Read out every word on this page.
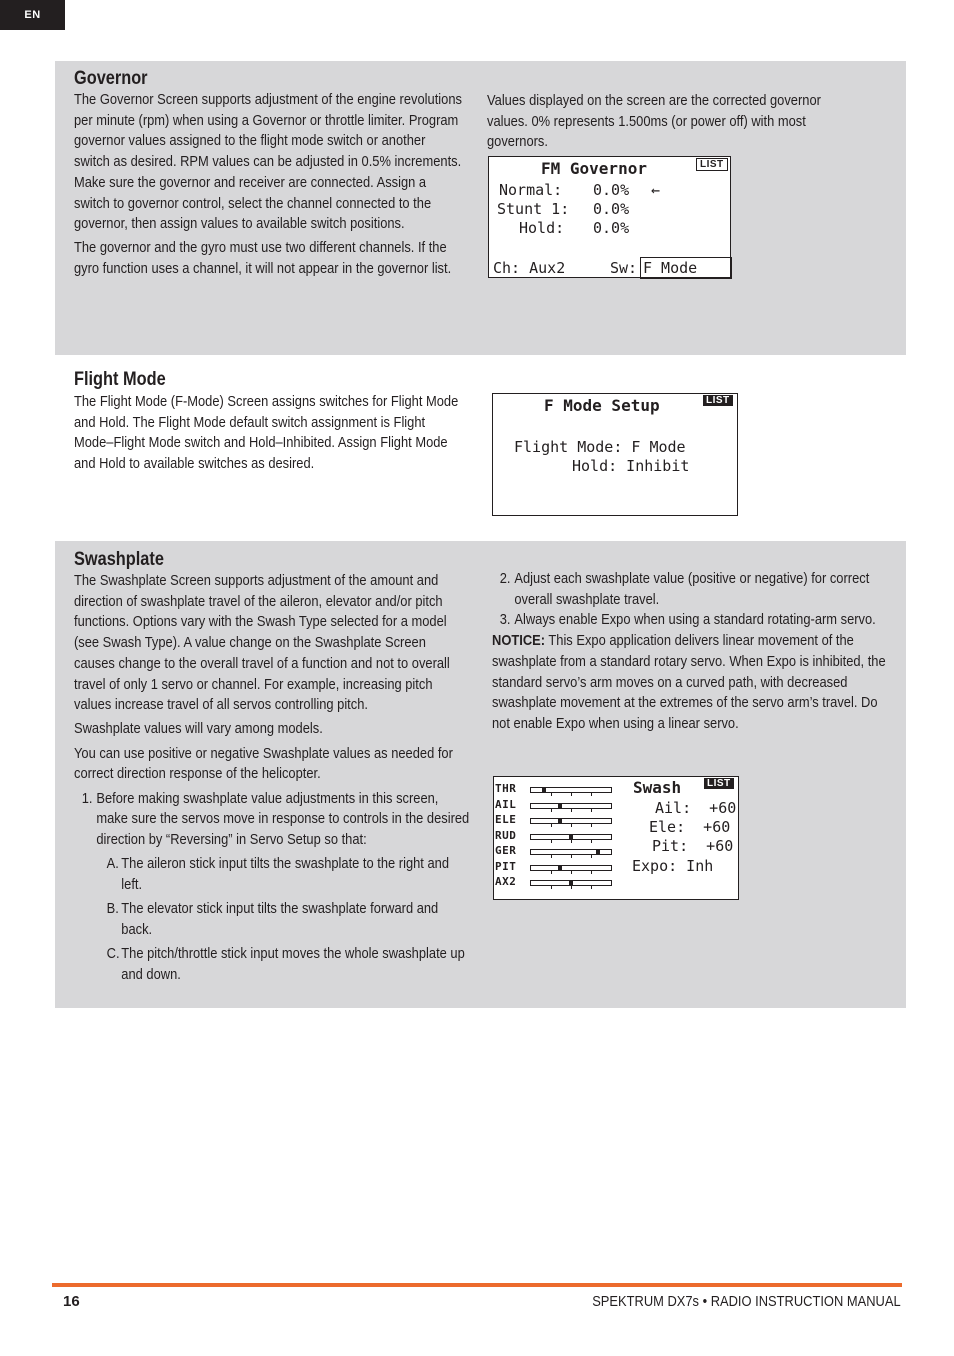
EN
Governor

The Governor Screen supports adjustment of the engine revolutions per minute (rpm) when using a Governor or throttle limiter. Program governor values assigned to the flight mode switch or another switch as desired. RPM values can be adjusted in 0.5% increments. Make sure the governor and receiver are connected. Assign a switch to governor control, select the channel connected to the governor, then assign values to available switch positions.

The governor and the gyro must use two different channels. If the gyro function uses a channel, it will not appear in the governor list.

Values displayed on the screen are the corrected governor values. 0% represents 1.500ms (or power off) with most governors.

FM Governor	LIST
Normal: 0.0% ←
Stunt 1: 0.0%
Hold: 0.0%
Ch: Aux2	Sw: F Mode
Flight Mode

The Flight Mode (F-Mode) Screen assigns switches for Flight Mode and Hold. The Flight Mode default switch assignment is Flight Mode–Flight Mode switch and Hold–Inhibited. Assign Flight Mode and Hold to available switches as desired.

F Mode Setup	LIST
Flight Mode: F Mode
Hold: Inhibit
Swashplate

The Swashplate Screen supports adjustment of the amount and direction of swashplate travel of the aileron, elevator and/or pitch functions. Options vary with the Swash Type selected for a model (see Swash Type). A value change on the Swashplate Screen causes change to the overall travel of a function and not to overall travel of only 1 servo or channel. For example, increasing pitch values increase travel of all servos controlling pitch.

Swashplate values will vary among models.

You can use positive or negative Swashplate values as needed for correct direction response of the helicopter.

1. Before making swashplate value adjustments in this screen, make sure the servos move in response to controls in the desired direction by “Reversing” in Servo Setup so that:
A. The aileron stick input tilts the swashplate to the right and left.
B. The elevator stick input tilts the swashplate forward and back.
C. The pitch/throttle stick input moves the whole swashplate up and down.
2. Adjust each swashplate value (positive or negative) for correct overall swashplate travel.
3. Always enable Expo when using a standard rotating-arm servo.

NOTICE: This Expo application delivers linear movement of the swashplate from a standard rotary servo. When Expo is inhibited, the standard servo’s arm moves on a curved path, with decreased swashplate movement at the extremes of the servo arm’s travel. Do not enable Expo when using a linear servo.

THR
AIL
ELE
RUD
GER
PIT
AX2
Swash	LIST
Ail:  +60
Ele:  +60
Pit:  +60
Expo: Inh
16	SPEKTRUM DX7s • RADIO INSTRUCTION MANUAL
